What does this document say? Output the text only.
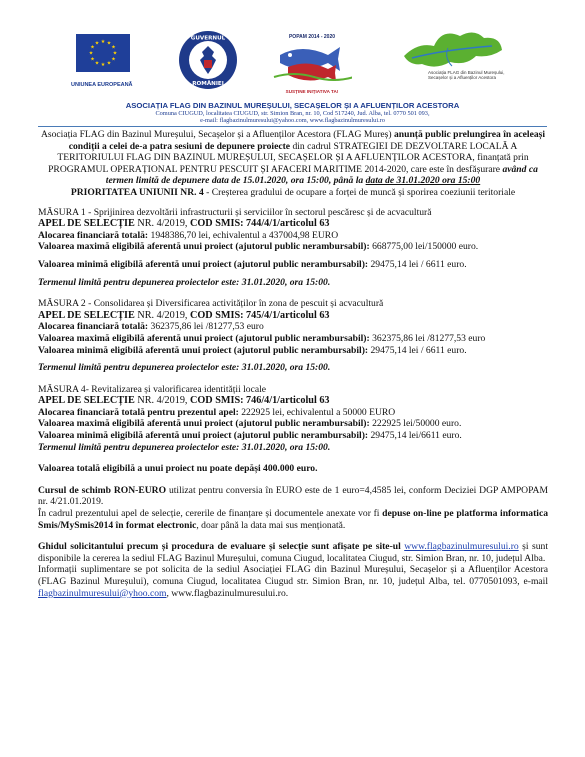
★ ★
★
★
★
★
★
★
★
★
★
★
UNIUNEA EUROPEANĂ
GUVERNUL
ROMÂNIEI
POPAM 2014 - 2020
SUSȚINE INIȚIATIVA TA!
Asociația FLAG din Bazinul Mureșului, Secașelor și a Afluenților Acestora
ASOCIAȚIA FLAG DIN BAZINUL MUREȘULUI, SECAȘELOR ȘI A AFLUENȚILOR ACESTORA
Comuna CIUGUD, localitatea CIUGUD, str. Simion Bran, nr. 10, Cod 517240, Jud. Alba, tel. 0770 501 093,
e-mail: flagbazinulmuresului@yahoo.com, www.flagbazinulmuresului.ro

Asociația FLAG din Bazinul Mureșului, Secașelor și a Afluenților Acestora (FLAG Mureș) anunță public prelungirea în aceleași condiții a celei de-a patra sesiuni de depunere proiecte din cadrul STRATEGIEI DE DEZVOLTARE LOCALĂ A TERITORIULUI FLAG DIN BAZINUL MUREȘULUI, SECAȘELOR ȘI A AFLUENȚILOR ACESTORA, finanțată prin PROGRAMUL OPERAȚIONAL PENTRU PESCUIT ȘI AFACERI MARITIME 2014-2020, care este în desfășurare având ca termen limită de depunere data de 15.01.2020, ora 15:00, până la data de 31.01.2020 ora 15:00

PRIORITATEA UNIUNII NR. 4 - Creșterea gradului de ocupare a forței de muncă și sporirea coeziunii teritoriale

MĂSURA 1 - Sprijinirea dezvoltării infrastructurii și serviciilor în sectorul pescăresc și de acvacultură

APEL DE SELECȚIE NR. 4/2019, COD SMIS: 744/4/1/articolul 63

Alocarea financiară totală: 1948386,70 lei, echivalentul a 437004,98 EURO

Valoarea maximă eligibilă aferentă unui proiect (ajutorul public nerambursabil): 668775,00 lei/150000 euro.

Valoarea minimă eligibilă aferentă unui proiect (ajutorul public nerambursabil): 29475,14 lei / 6611 euro.

Termenul limită pentru depunerea proiectelor este: 31.01.2020, ora 15:00.

MĂSURA 2 - Consolidarea și Diversificarea activităților în zona de pescuit și acvacultură

APEL DE SELECȚIE NR. 4/2019, COD SMIS: 745/4/1/articolul 63

Alocarea financiară totală: 362375,86 lei /81277,53 euro

Valoarea maximă eligibilă aferentă unui proiect (ajutorul public nerambursabil): 362375,86 lei /81277,53 euro

Valoarea minimă eligibilă aferentă unui proiect (ajutorul public nerambursabil): 29475,14 lei / 6611 euro.

Termenul limită pentru depunerea proiectelor este: 31.01.2020, ora 15:00.

MĂSURA 4- Revitalizarea și valorificarea identității locale

APEL DE SELECȚIE NR. 4/2019, COD SMIS: 746/4/1/articolul 63

Alocarea financiară totală pentru prezentul apel: 222925 lei, echivalentul a 50000 EURO

Valoarea maximă eligibilă aferentă unui proiect (ajutorul public nerambursabil): 222925 lei/50000 euro.

Valoarea minimă eligibilă aferentă unui proiect (ajutorul public nerambursabil): 29475,14 lei/6611 euro.

Termenul limită pentru depunerea proiectelor este: 31.01.2020, ora 15:00.

Valoarea totală eligibilă a unui proiect nu poate depăși 400.000 euro.

Cursul de schimb RON-EURO utilizat pentru conversia în EURO este de 1 euro=4,4585 lei, conform Deciziei DGP AMPOPAM nr. 4/21.01.2019.

În cadrul prezentului apel de selecție, cererile de finanțare și documentele anexate vor fi depuse on-line pe platforma informatica Smis/MySmis2014 în format electronic, doar până la data mai sus menționată.

Ghidul solicitantului precum și procedura de evaluare și selecție sunt afișate pe site-ul www.flagbazinulmuresului.ro și sunt disponibile la cererea la sediul FLAG Bazinul Mureșului, comuna Ciugud, localitatea Ciugud, str. Simion Bran, nr. 10, județul Alba.

Informații suplimentare se pot solicita de la sediul Asociației FLAG din Bazinul Mureșului, Secașelor și a Afluenților Acestora (FLAG Bazinul Mureșului), comuna Ciugud, localitatea Ciugud str. Simion Bran, nr. 10, județul Alba, tel. 0770501093, e-mail flagbazinulmuresului@yhoo.com, www.flagbazinulmuresului.ro.
